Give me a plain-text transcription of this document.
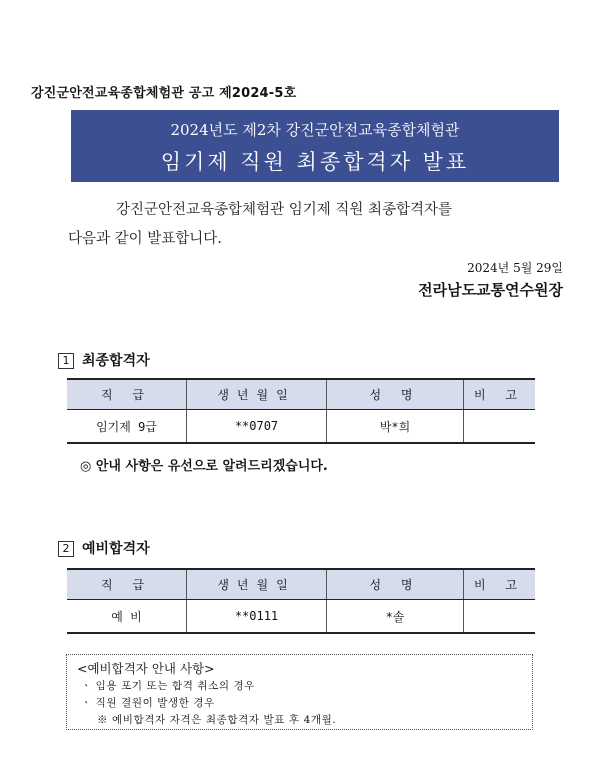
강진군안전교육종합체험관 공고 제2024-5호
2024년도 제2차 강진군안전교육종합체험관
임기제 직원 최종합격자 발표
강진군안전교육종합체험관 임기제 직원 최종합격자를
다음과 같이 발표합니다.
2024년 5월 29일
전라남도교통연수원장
1 최종합격자
직 급	생년월일	성 명	비 고
임기제 9급	**0707	박*희	
◎ 안내 사항은 유선으로 알려드리겠습니다.
2 예비합격자
직 급	생년월일	성 명	비 고
예 비	**0111	*솔	
<예비합격자 안내 사항>
ㆍ 임용 포기 또는 합격 취소의 경우
ㆍ 직원 결원이 발생한 경우
※ 예비합격자 자격은 최종합격자 발표 후 4개월.
